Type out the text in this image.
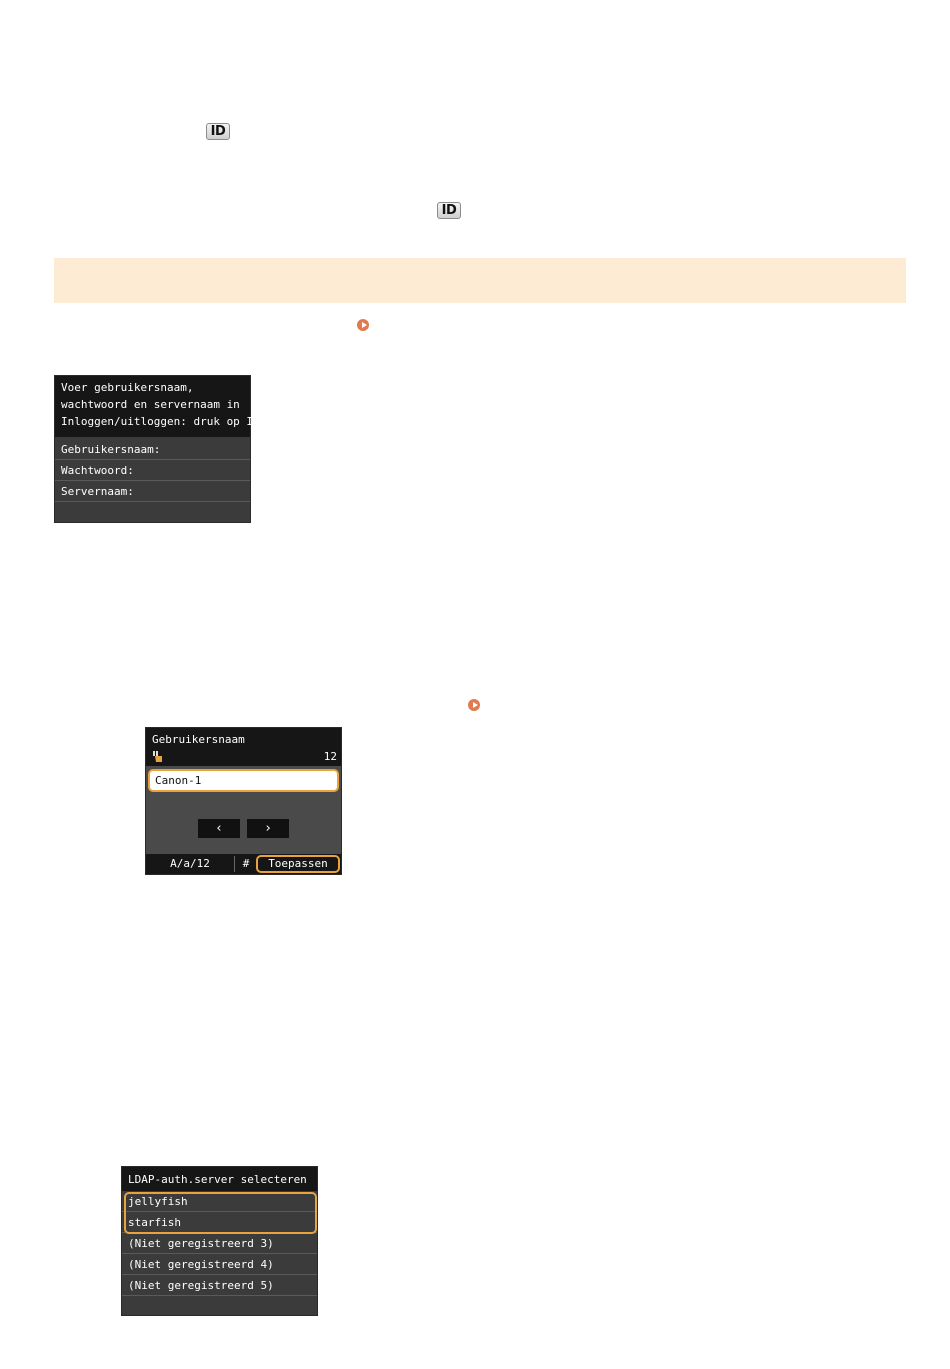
ID
ID
Voer gebruikersnaam,
wachtwoord en servernaam in
Inloggen/uitloggen: druk op ID
Gebruikersnaam:
Wachtwoord:
Servernaam:
Gebruikersnaam
12
Canon-1
‹	›
A/a/12	#	Toepassen
LDAP-auth.server selecteren
jellyfish
starfish
(Niet geregistreerd 3)
(Niet geregistreerd 4)
(Niet geregistreerd 5)
